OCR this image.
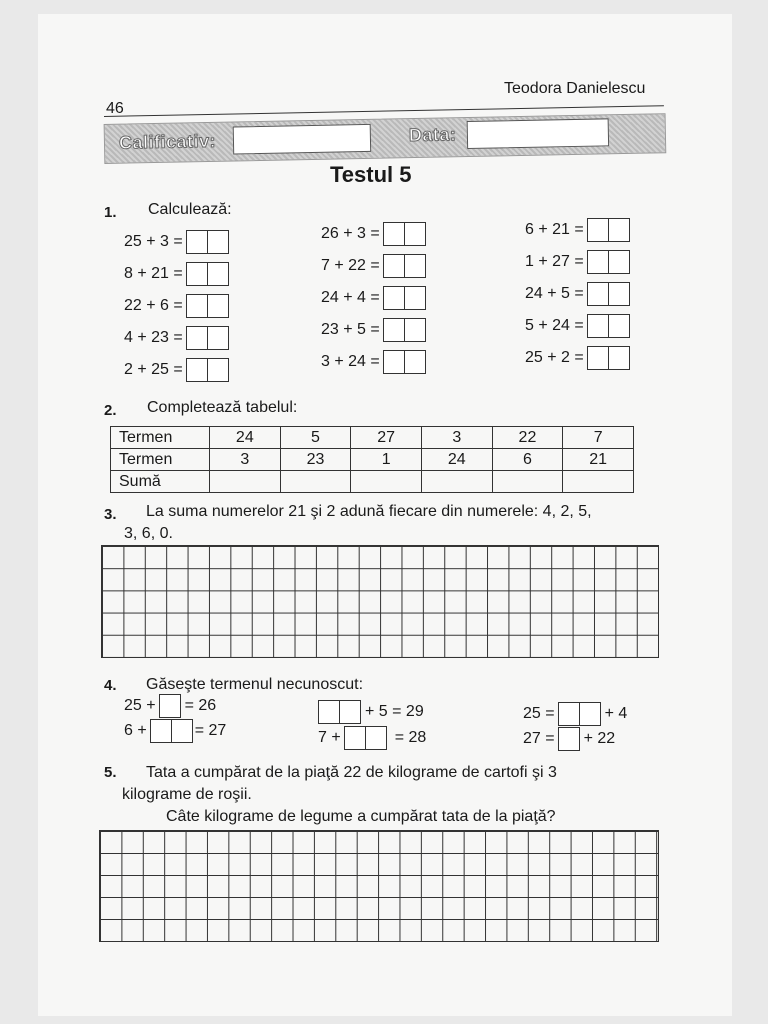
Teodora Danielescu
46
Calificativ:	Data:
Testul 5
1. Calculează:
25 + 3 =
8 + 21 =
22 + 6 =
4 + 23 =
2 + 25 =
26 + 3 =
7 + 22 =
24 + 4 =
23 + 5 =
3 + 24 =
6 + 21 =
1 + 27 =
24 + 5 =
5 + 24 =
25 + 2 =
2. Completează tabelul:
Termen	24	5	27	3	22	7
Termen	3	23	1	24	6	21
Sumă						
3. La suma numerelor 21 şi 2 adună fiecare din numerele: 4, 2, 5,
3, 6, 0.
4. Găseşte termenul necunoscut:
25 + = 26
6 +	= 27
+ 5 = 29
7 +	= 28
25 =	+ 4
27 = + 22
5. Tata a cumpărat de la piaţă 22 de kilograme de cartofi şi 3
kilograme de roşii.
Câte kilograme de legume a cumpărat tata de la piaţă?
